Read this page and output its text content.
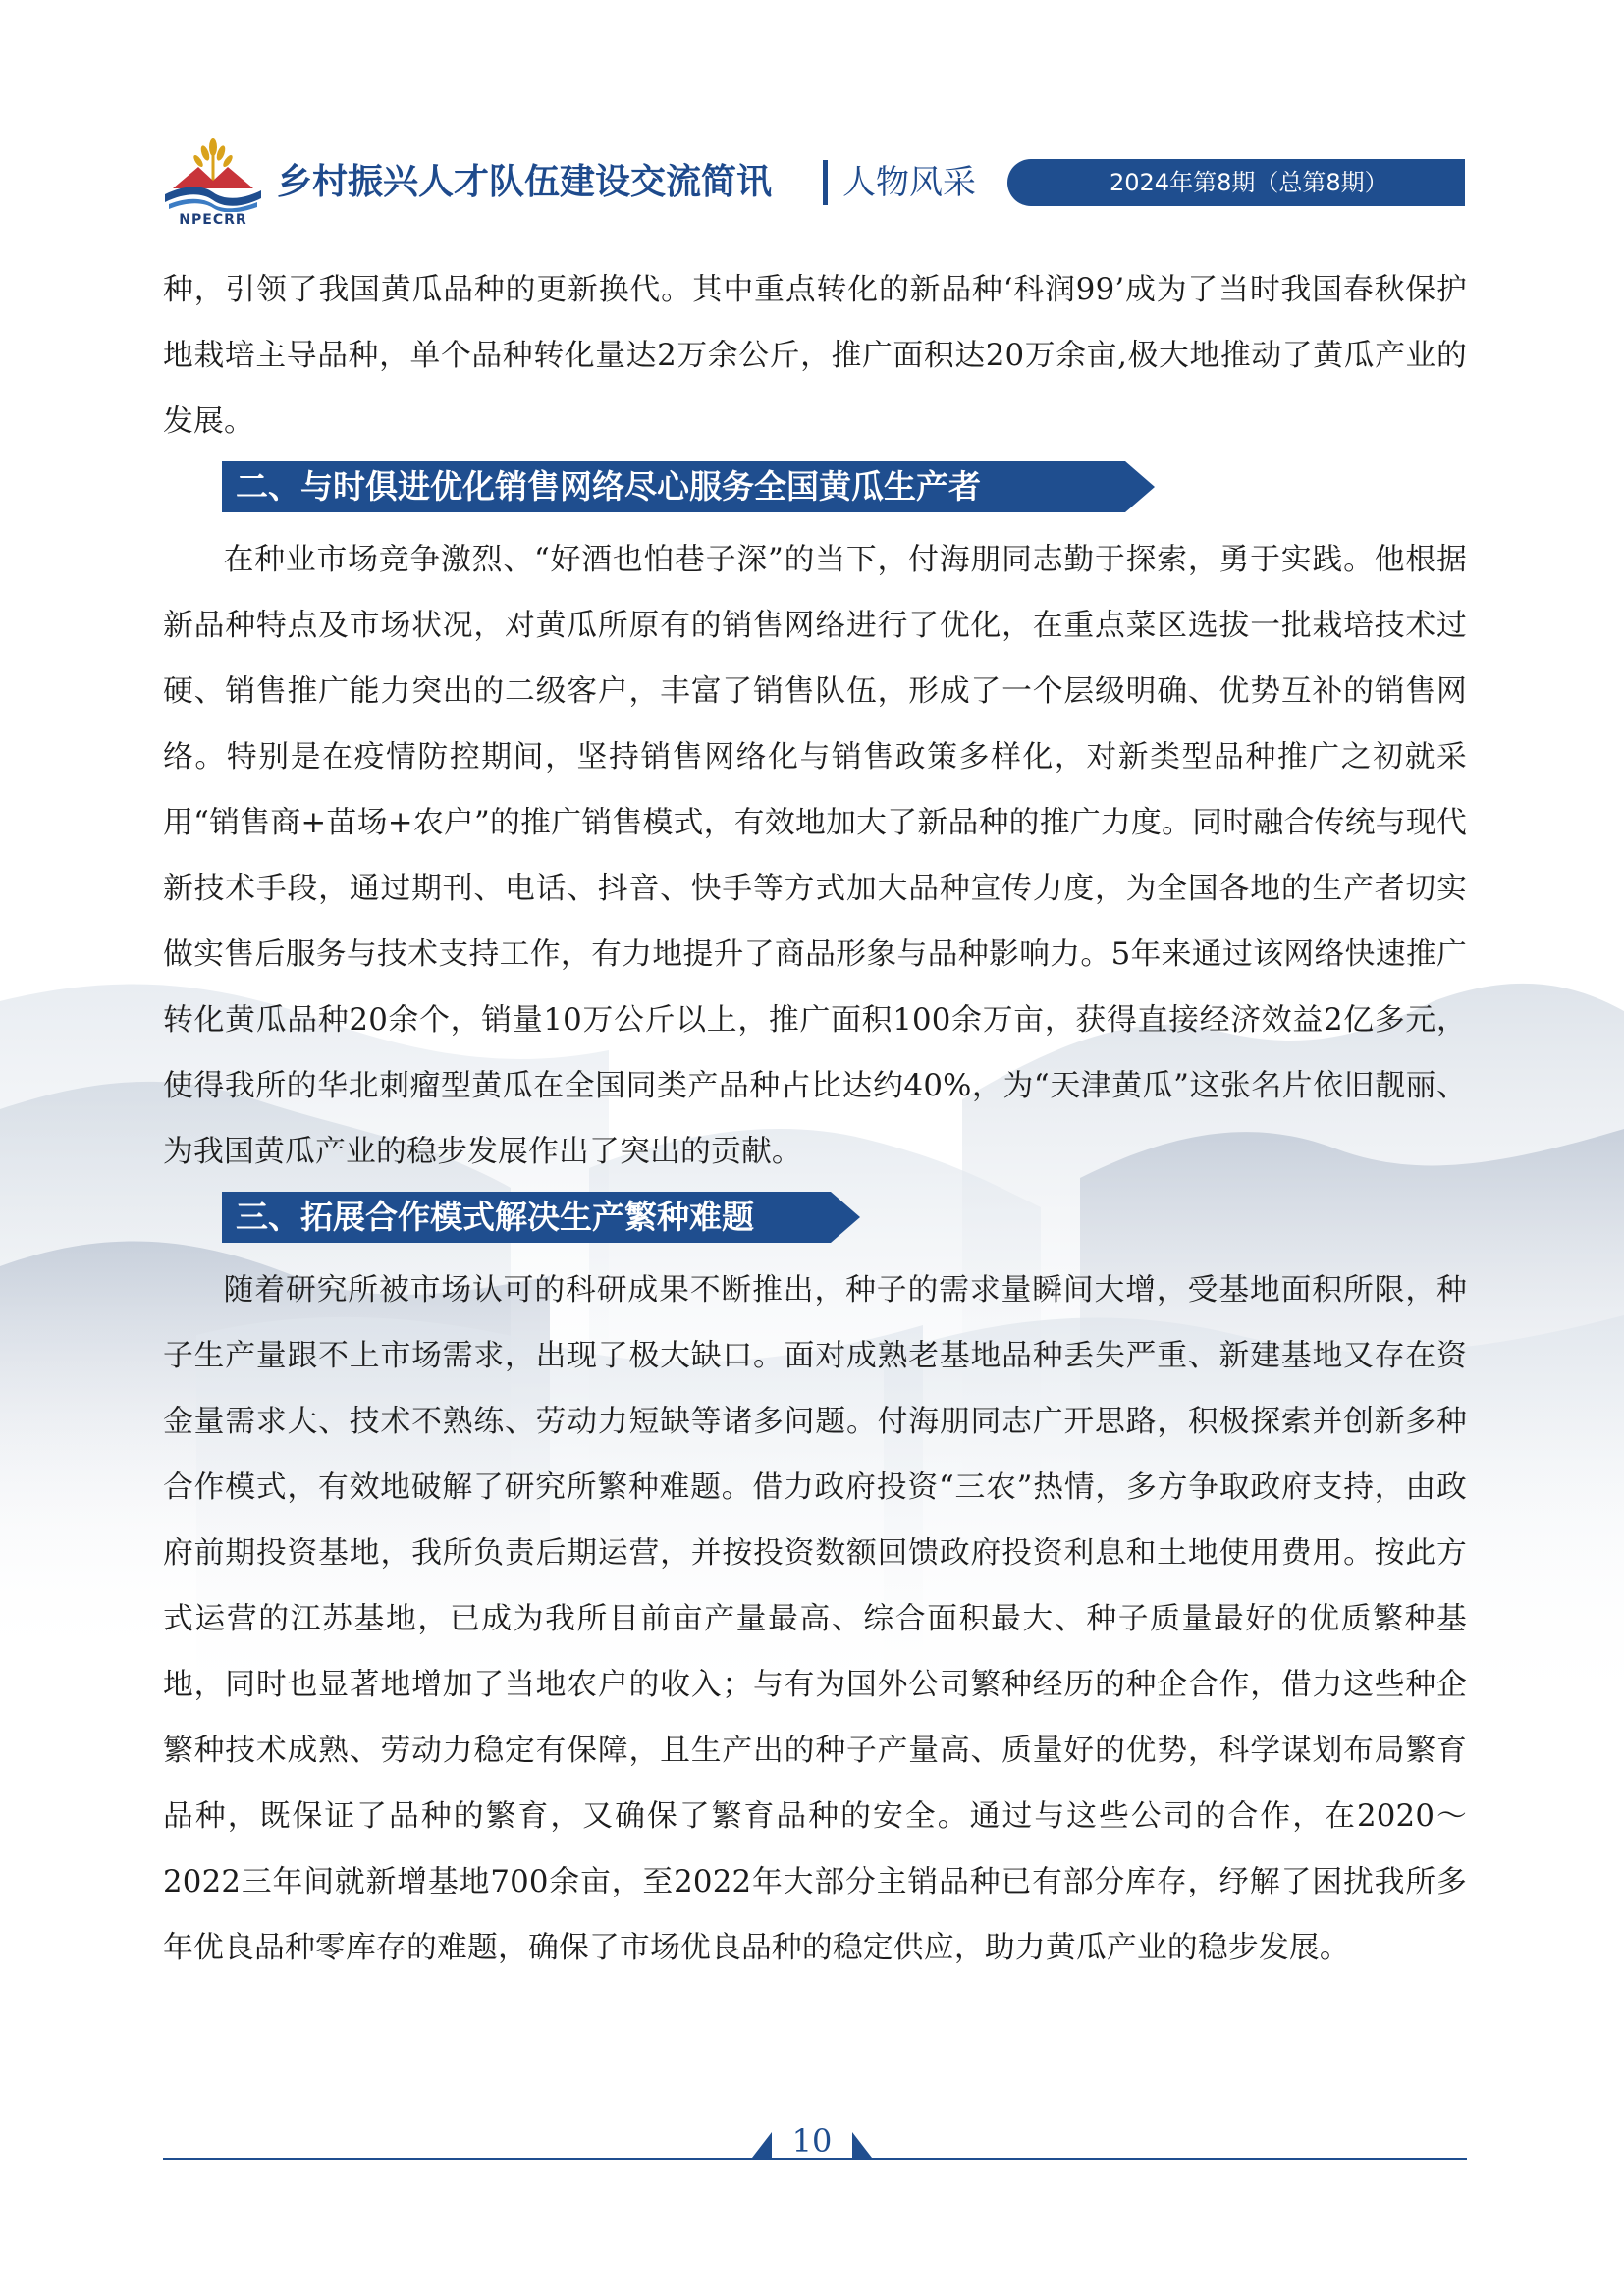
NPECRR
乡村振兴人才队伍建设交流简讯 人物风采	2024年第8期（总第8期）

种，引领了我国黄瓜品种的更新换代。其中重点转化的新品种‘科润99’成为了当时我国春秋保护地栽培主导品种，单个品种转化量达2万余公斤，推广面积达20万余亩,极大地推动了黄瓜产业的发展。

二、与时俱进优化销售网络尽心服务全国黄瓜生产者

在种业市场竞争激烈、“好酒也怕巷子深”的当下，付海朋同志勤于探索，勇于实践。他根据新品种特点及市场状况，对黄瓜所原有的销售网络进行了优化，在重点菜区选拔一批栽培技术过硬、销售推广能力突出的二级客户，丰富了销售队伍，形成了一个层级明确、优势互补的销售网络。特别是在疫情防控期间，坚持销售网络化与销售政策多样化，对新类型品种推广之初就采用“销售商+苗场+农户”的推广销售模式，有效地加大了新品种的推广力度。同时融合传统与现代新技术手段，通过期刊、电话、抖音、快手等方式加大品种宣传力度，为全国各地的生产者切实做实售后服务与技术支持工作，有力地提升了商品形象与品种影响力。5年来通过该网络快速推广转化黄瓜品种20余个，销量10万公斤以上，推广面积100余万亩，获得直接经济效益2亿多元，使得我所的华北刺瘤型黄瓜在全国同类产品种占比达约40%，为“天津黄瓜”这张名片依旧靓丽、为我国黄瓜产业的稳步发展作出了突出的贡献。

三、拓展合作模式解决生产繁种难题

随着研究所被市场认可的科研成果不断推出，种子的需求量瞬间大增，受基地面积所限，种子生产量跟不上市场需求，出现了极大缺口。面对成熟老基地品种丢失严重、新建基地又存在资金量需求大、技术不熟练、劳动力短缺等诸多问题。付海朋同志广开思路，积极探索并创新多种合作模式，有效地破解了研究所繁种难题。借力政府投资“三农”热情，多方争取政府支持，由政府前期投资基地，我所负责后期运营，并按投资数额回馈政府投资利息和土地使用费用。按此方式运营的江苏基地，已成为我所目前亩产量最高、综合面积最大、种子质量最好的优质繁种基地，同时也显著地增加了当地农户的收入；与有为国外公司繁种经历的种企合作，借力这些种企繁种技术成熟、劳动力稳定有保障，且生产出的种子产量高、质量好的优势，科学谋划布局繁育品种，既保证了品种的繁育，又确保了繁育品种的安全。通过与这些公司的合作，在2020～2022三年间就新增基地700余亩，至2022年大部分主销品种已有部分库存，纾解了困扰我所多年优良品种零库存的难题，确保了市场优良品种的稳定供应，助力黄瓜产业的稳步发展。

10
